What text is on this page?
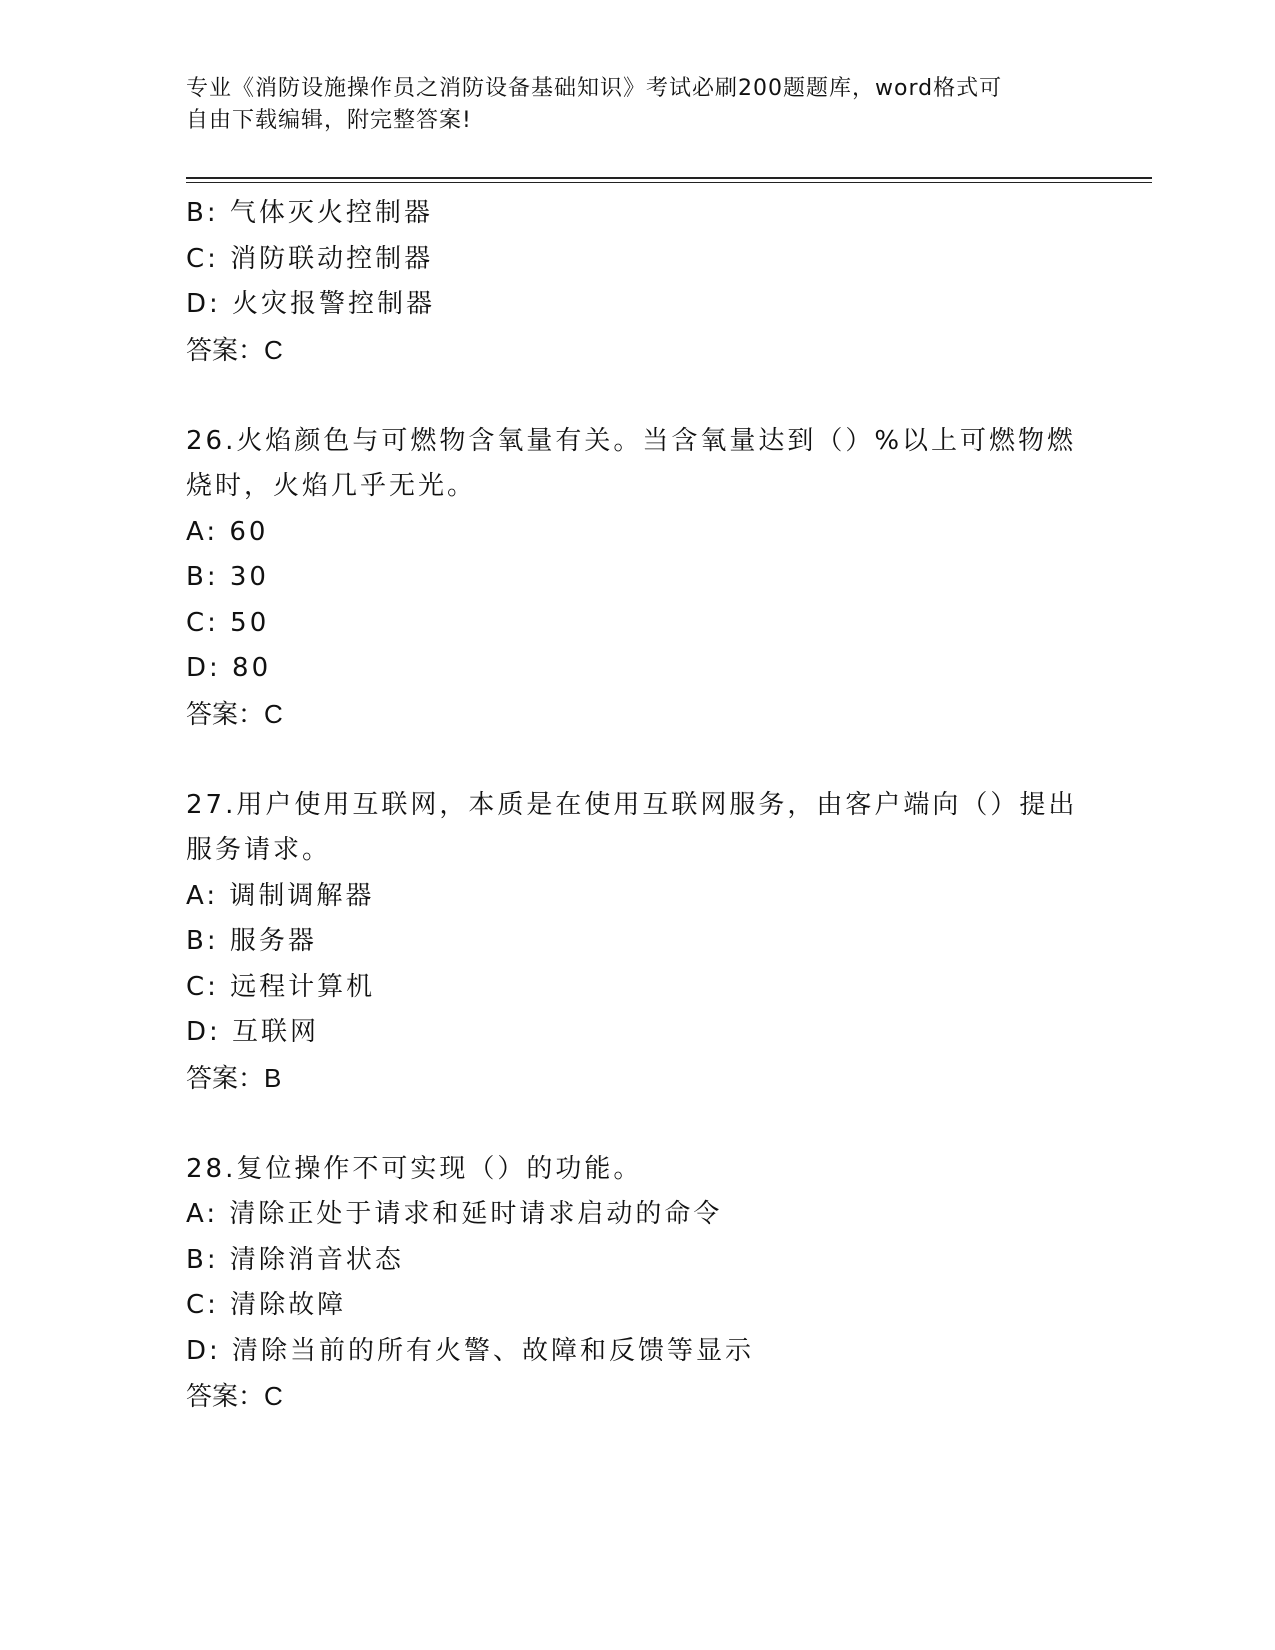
专业《消防设施操作员之消防设备基础知识》考试必刷200题题库，word格式可
自由下载编辑，附完整答案!
B: 气体灭火控制器
C: 消防联动控制器
D: 火灾报警控制器
答案：C
26.火焰颜色与可燃物含氧量有关。当含氧量达到（）%以上可燃物燃
烧时，火焰几乎无光。
A: 60
B: 30
C: 50
D: 80
答案：C
27.用户使用互联网，本质是在使用互联网服务，由客户端向（）提出
服务请求。
A: 调制调解器
B: 服务器
C: 远程计算机
D: 互联网
答案：B
28.复位操作不可实现（）的功能。
A: 清除正处于请求和延时请求启动的命令
B: 清除消音状态
C: 清除故障
D: 清除当前的所有火警、故障和反馈等显示
答案：C
